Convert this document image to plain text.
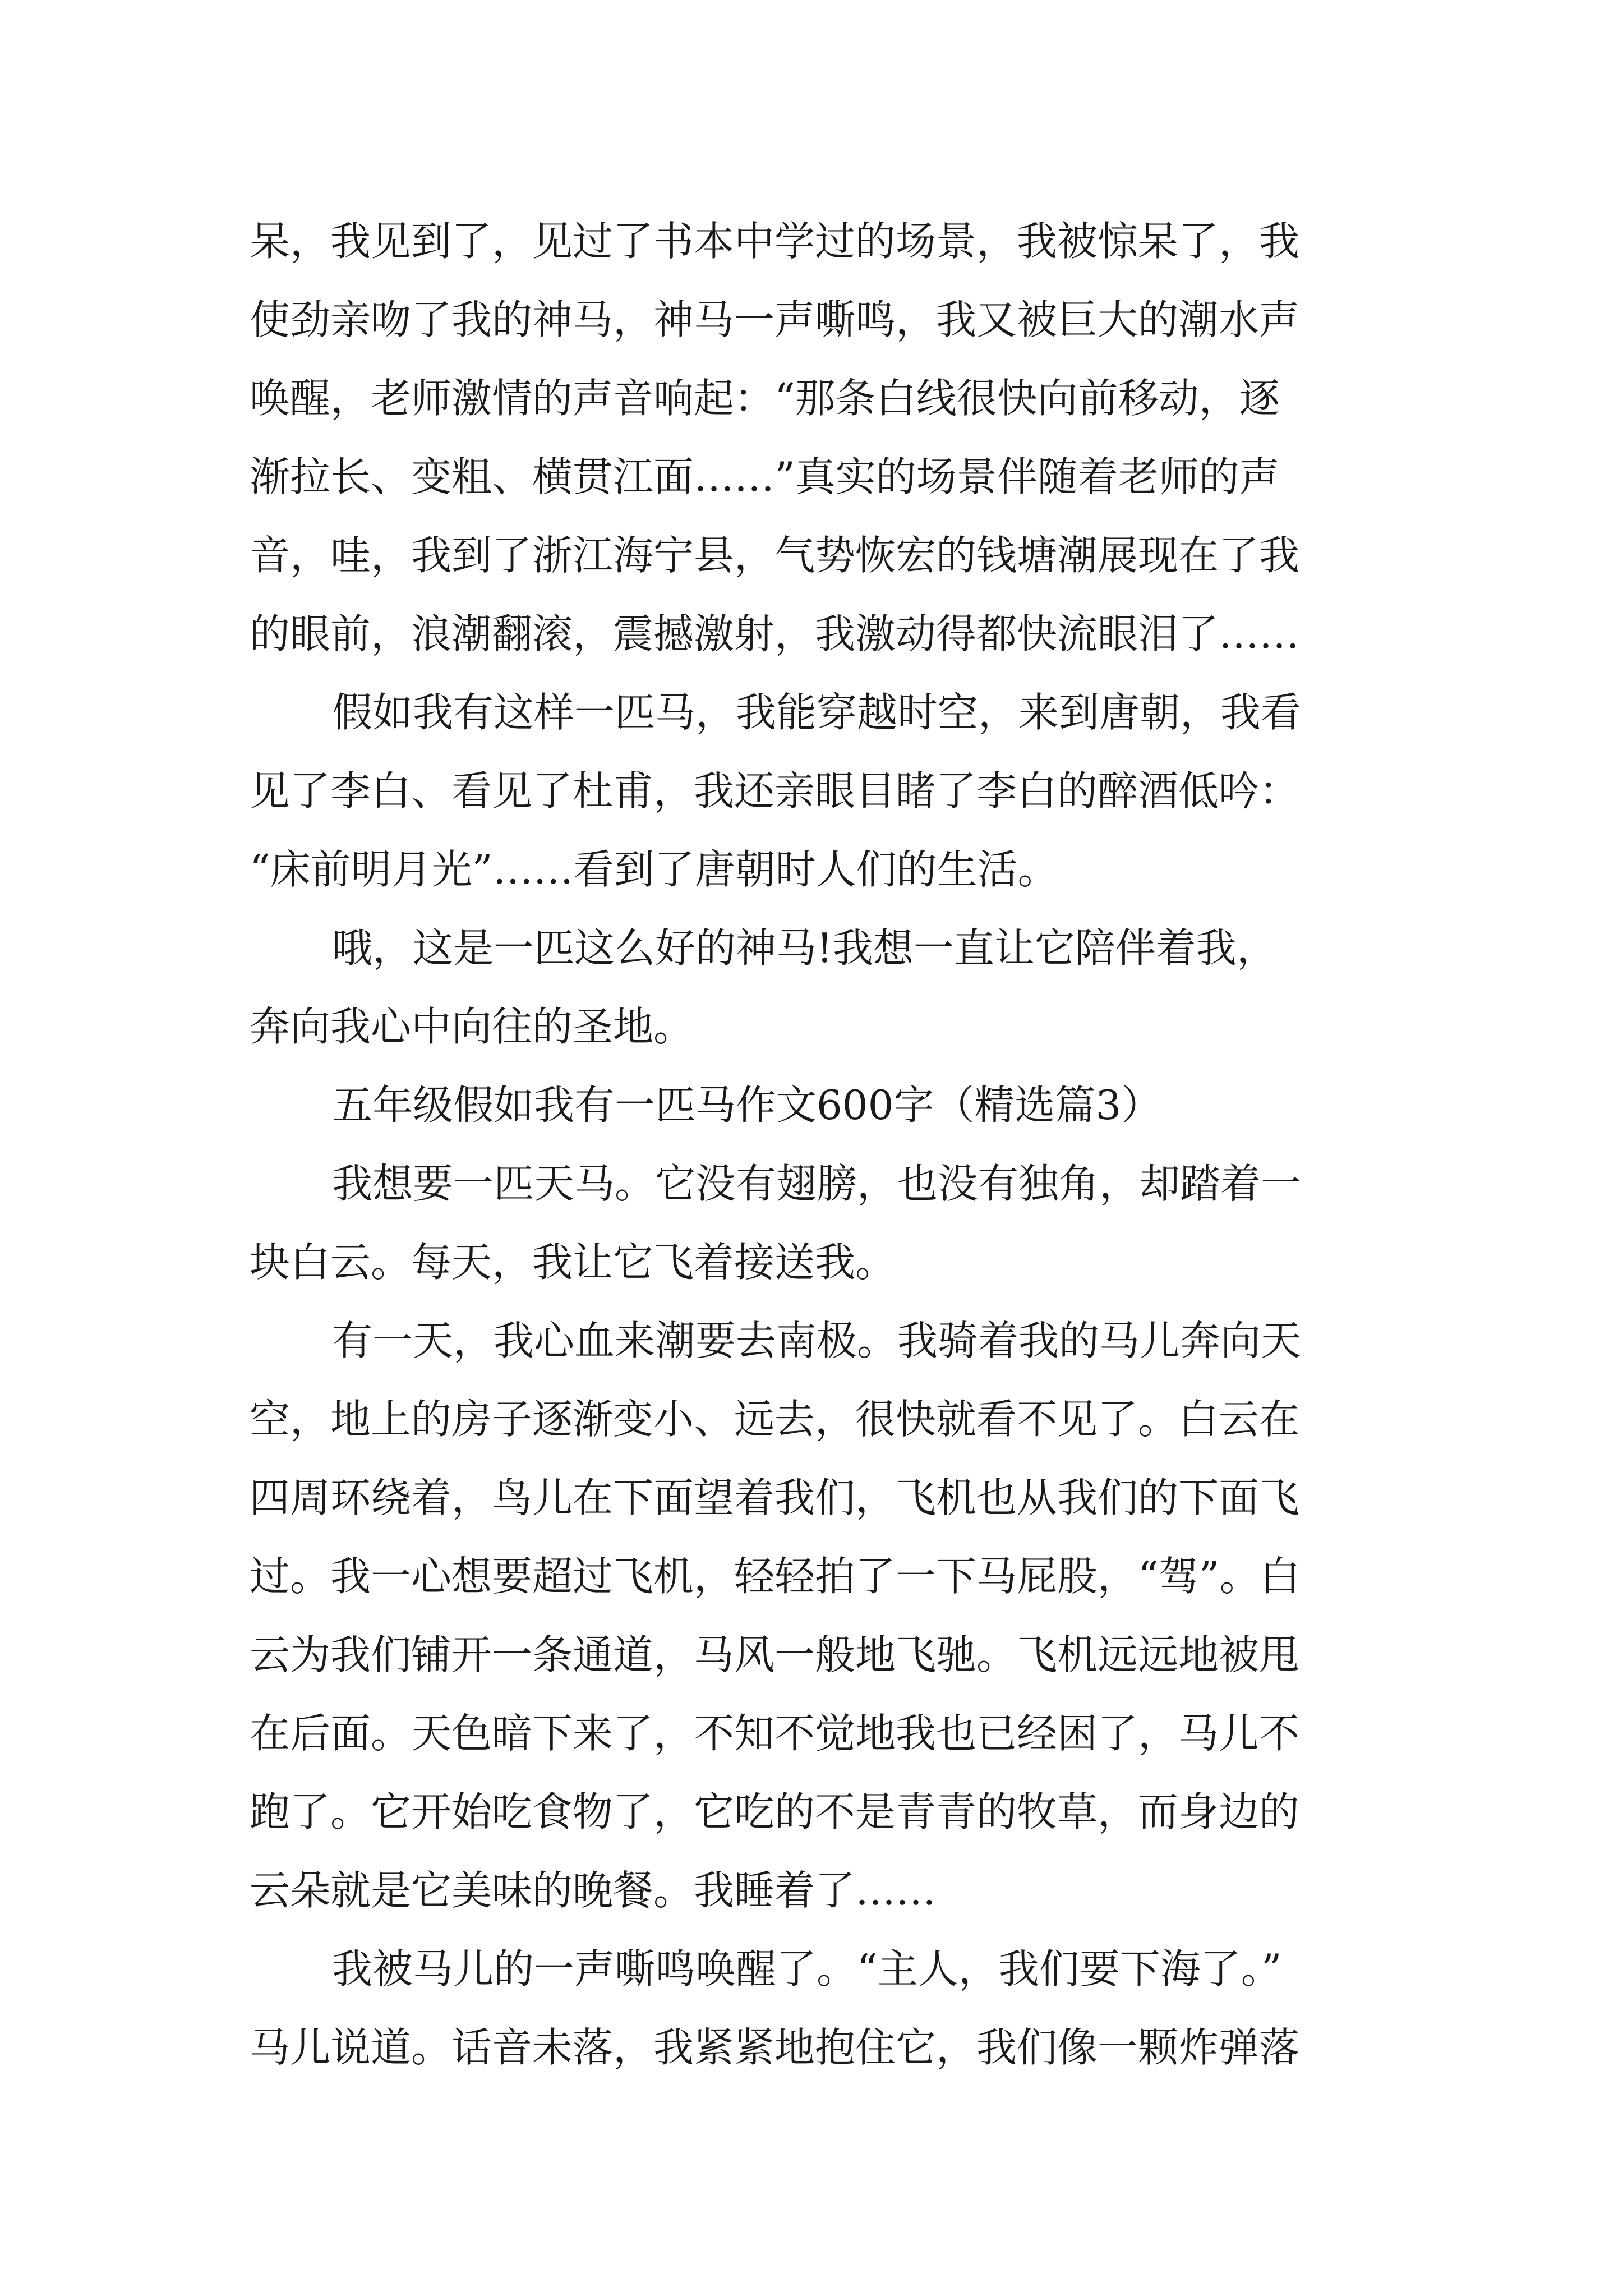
呆，我见到了，见过了书本中学过的场景，我被惊呆了，我
使劲亲吻了我的神马，神马一声嘶鸣，我又被巨大的潮水声
唤醒，老师激情的声音响起：“那条白线很快向前移动，逐
渐拉长、变粗、横贯江面……”真实的场景伴随着老师的声
音，哇，我到了浙江海宁县，气势恢宏的钱塘潮展现在了我
的眼前，浪潮翻滚，震撼激射，我激动得都快流眼泪了……
假如我有这样一匹马，我能穿越时空，来到唐朝，我看
见了李白、看见了杜甫，我还亲眼目睹了李白的醉酒低吟：
“床前明月光”……看到了唐朝时人们的生活。
哦，这是一匹这么好的神马!我想一直让它陪伴着我，
奔向我心中向往的圣地。
五年级假如我有一匹马作文600字（精选篇3）
我想要一匹天马。它没有翅膀，也没有独角，却踏着一
块白云。每天，我让它飞着接送我。
有一天，我心血来潮要去南极。我骑着我的马儿奔向天
空，地上的房子逐渐变小、远去，很快就看不见了。白云在
四周环绕着，鸟儿在下面望着我们，飞机也从我们的下面飞
过。我一心想要超过飞机，轻轻拍了一下马屁股，“驾”。白
云为我们铺开一条通道，马风一般地飞驰。飞机远远地被甩
在后面。天色暗下来了，不知不觉地我也已经困了，马儿不
跑了。它开始吃食物了，它吃的不是青青的牧草，而身边的
云朵就是它美味的晚餐。我睡着了……
我被马儿的一声嘶鸣唤醒了。“主人，我们要下海了。”
马儿说道。话音未落，我紧紧地抱住它，我们像一颗炸弹落
